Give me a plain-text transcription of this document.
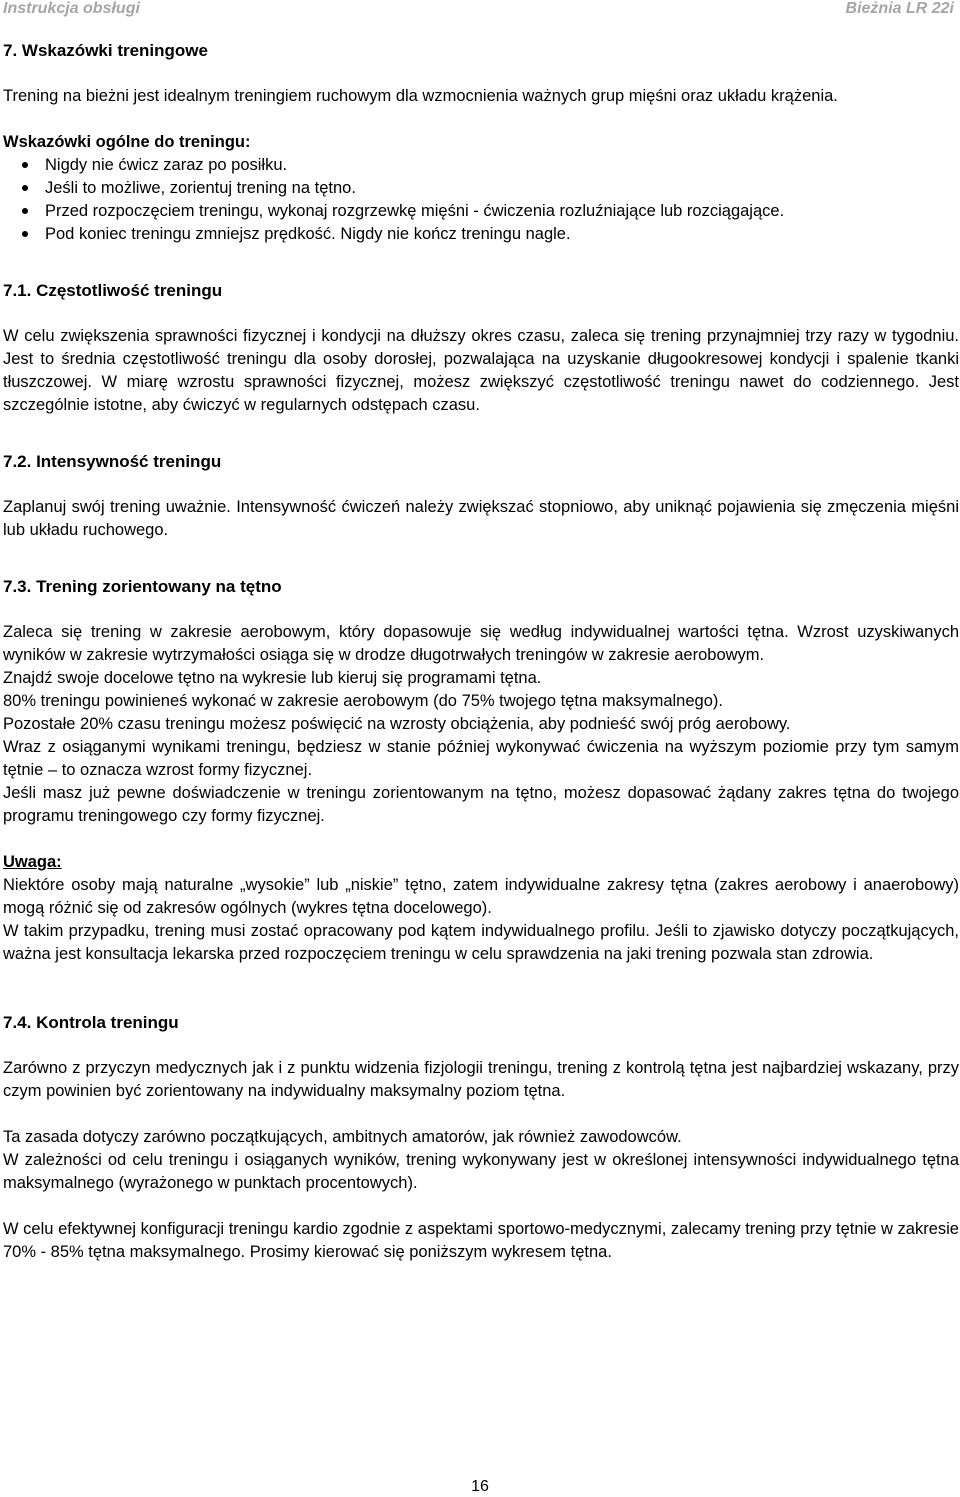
Instrukcja obsługi	Bieżnia LR 22i
7. Wskazówki treningowe

Trening na bieżni jest idealnym treningiem ruchowym dla wzmocnienia ważnych grup mięśni oraz układu krążenia.

Wskazówki ogólne do treningu:
Nigdy nie ćwicz zaraz po posiłku.
Jeśli to możliwe, zorientuj trening na tętno.
Przed rozpoczęciem treningu, wykonaj rozgrzewkę mięśni - ćwiczenia rozluźniające lub rozciągające.
Pod koniec treningu zmniejsz prędkość. Nigdy nie kończ treningu nagle.
7.1. Częstotliwość treningu

W celu zwiększenia sprawności fizycznej i kondycji na dłuższy okres czasu, zaleca się trening przynajmniej trzy razy w tygodniu. Jest to średnia częstotliwość treningu dla osoby dorosłej, pozwalająca na uzyskanie długookresowej kondycji i spalenie tkanki tłuszczowej. W miarę wzrostu sprawności fizycznej, możesz zwiększyć częstotliwość treningu nawet do codziennego. Jest szczególnie istotne, aby ćwiczyć w regularnych odstępach czasu.

7.2. Intensywność treningu

Zaplanuj swój trening uważnie. Intensywność ćwiczeń należy zwiększać stopniowo, aby uniknąć pojawienia się zmęczenia mięśni lub układu ruchowego.

7.3. Trening zorientowany na tętno

Zaleca się trening w zakresie aerobowym, który dopasowuje się według indywidualnej wartości tętna. Wzrost uzyskiwanych wyników w zakresie wytrzymałości osiąga się w drodze długotrwałych treningów w zakresie aerobowym.

Znajdź swoje docelowe tętno na wykresie lub kieruj się programami tętna.

80% treningu powinieneś wykonać w zakresie aerobowym (do 75% twojego tętna maksymalnego).

Pozostałe 20% czasu treningu możesz poświęcić na wzrosty obciążenia, aby podnieść swój próg aerobowy.

Wraz z osiąganymi wynikami treningu, będziesz w stanie później wykonywać ćwiczenia na wyższym poziomie przy tym samym tętnie – to oznacza wzrost formy fizycznej.

Jeśli masz już pewne doświadczenie w treningu zorientowanym na tętno, możesz dopasować żądany zakres tętna do twojego programu treningowego czy formy fizycznej.

Uwaga:

Niektóre osoby mają naturalne „wysokie” lub „niskie” tętno, zatem indywidualne zakresy tętna (zakres aerobowy i anaerobowy) mogą różnić się od zakresów ogólnych (wykres tętna docelowego).

W takim przypadku, trening musi zostać opracowany pod kątem indywidualnego profilu. Jeśli to zjawisko dotyczy początkujących, ważna jest konsultacja lekarska przed rozpoczęciem treningu w celu sprawdzenia na jaki trening pozwala stan zdrowia.

7.4. Kontrola treningu

Zarówno z przyczyn medycznych jak i z punktu widzenia fizjologii treningu, trening z kontrolą tętna jest najbardziej wskazany, przy czym powinien być zorientowany na indywidualny maksymalny poziom tętna.

Ta zasada dotyczy zarówno początkujących, ambitnych amatorów, jak również zawodowców.

W zależności od celu treningu i osiąganych wyników, trening wykonywany jest w określonej intensywności indywidualnego tętna maksymalnego (wyrażonego w punktach procentowych).

W celu efektywnej konfiguracji treningu kardio zgodnie z aspektami sportowo-medycznymi, zalecamy trening przy tętnie w zakresie 70% - 85% tętna maksymalnego. Prosimy kierować się poniższym wykresem tętna.

16
